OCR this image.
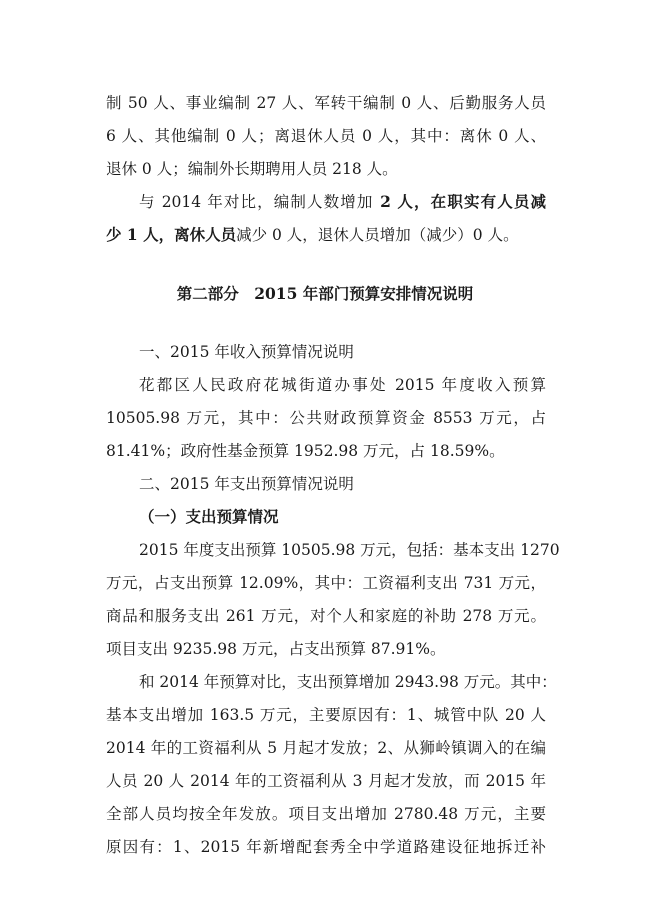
制 50 人、事业编制 27 人、军转干编制 0 人、后勤服务人员
6 人、其他编制 0 人；离退休人员 0 人，其中：离休 0 人、
退休 0 人；编制外长期聘用人员 218 人。
与 2014 年对比，编制人数增加 2 人，在职实有人员减
少 1 人，离休人员减少 0 人，退休人员增加（减少）0 人。
第二部分　2015 年部门预算安排情况说明
一、2015 年收入预算情况说明
花都区人民政府花城街道办事处 2015 年度收入预算
10505.98 万元，其中：公共财政预算资金 8553 万元，占
81.41%；政府性基金预算 1952.98 万元，占 18.59%。
二、2015 年支出预算情况说明
（一）支出预算情况
2015 年度支出预算 10505.98 万元，包括：基本支出 1270
万元，占支出预算 12.09%，其中：工资福利支出 731 万元，
商品和服务支出 261 万元，对个人和家庭的补助 278 万元。
项目支出 9235.98 万元，占支出预算 87.91%。
和 2014 年预算对比，支出预算增加 2943.98 万元。其中：
基本支出增加 163.5 万元，主要原因有：1、城管中队 20 人
2014 年的工资福利从 5 月起才发放；2、从狮岭镇调入的在编
人员 20 人 2014 年的工资福利从 3 月起才发放，而 2015 年
全部人员均按全年发放。项目支出增加 2780.48 万元，主要
原因有：1、2015 年新增配套秀全中学道路建设征地拆迁补
